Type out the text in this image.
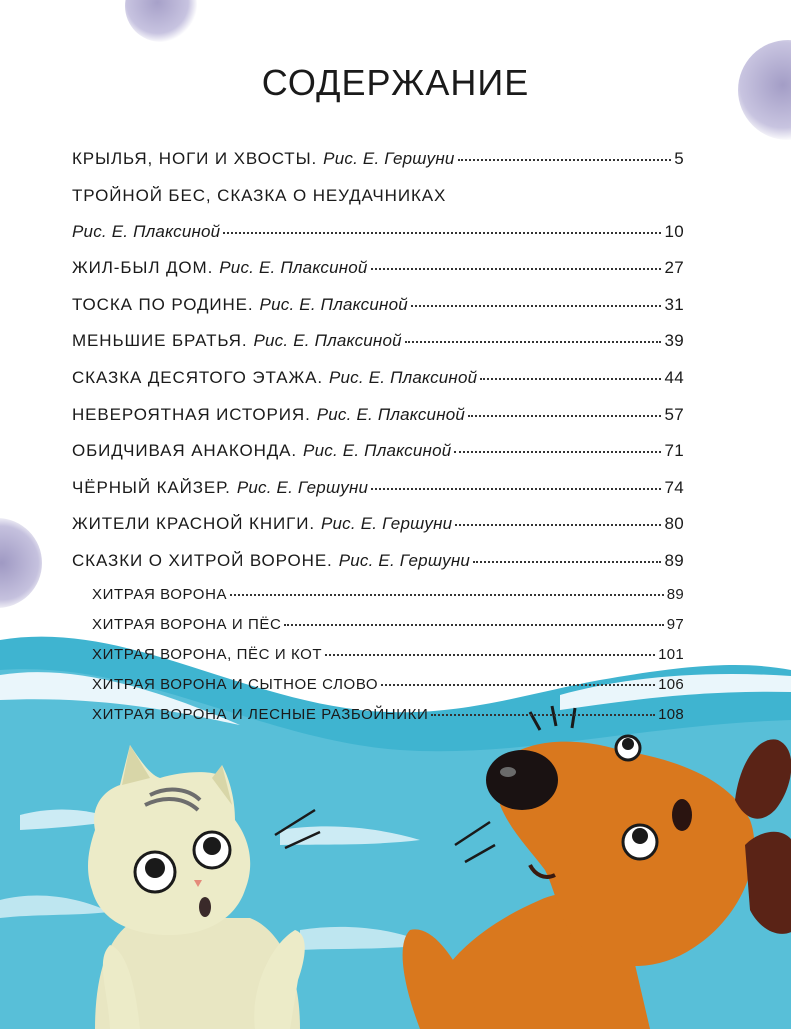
СОДЕРЖАНИЕ
КРЫЛЬЯ, НОГИ И ХВОСТЫ. Рис. Е. Гершуни	5
ТРОЙНОЙ БЕС, СКАЗКА О НЕУДАЧНИКАХ
Рис. Е. Плаксиной	10
ЖИЛ-БЫЛ ДОМ. Рис. Е. Плаксиной	27
ТОСКА ПО РОДИНЕ. Рис. Е. Плаксиной	31
МЕНЬШИЕ БРАТЬЯ. Рис. Е. Плаксиной	39
СКАЗКА ДЕСЯТОГО ЭТАЖА. Рис. Е. Плаксиной	44
НЕВЕРОЯТНАЯ ИСТОРИЯ. Рис. Е. Плаксиной	57
ОБИДЧИВАЯ АНАКОНДА. Рис. Е. Плаксиной	71
ЧЁРНЫЙ КАЙЗЕР. Рис. Е. Гершуни	74
ЖИТЕЛИ КРАСНОЙ КНИГИ. Рис. Е. Гершуни	80
СКАЗКИ О ХИТРОЙ ВОРОНЕ. Рис. Е. Гершуни	89
ХИТРАЯ ВОРОНА	89
ХИТРАЯ ВОРОНА И ПЁС	97
ХИТРАЯ ВОРОНА, ПЁС И КОТ	101
ХИТРАЯ ВОРОНА И СЫТНОЕ СЛОВО	106
ХИТРАЯ ВОРОНА И ЛЕСНЫЕ РАЗБОЙНИКИ	108
